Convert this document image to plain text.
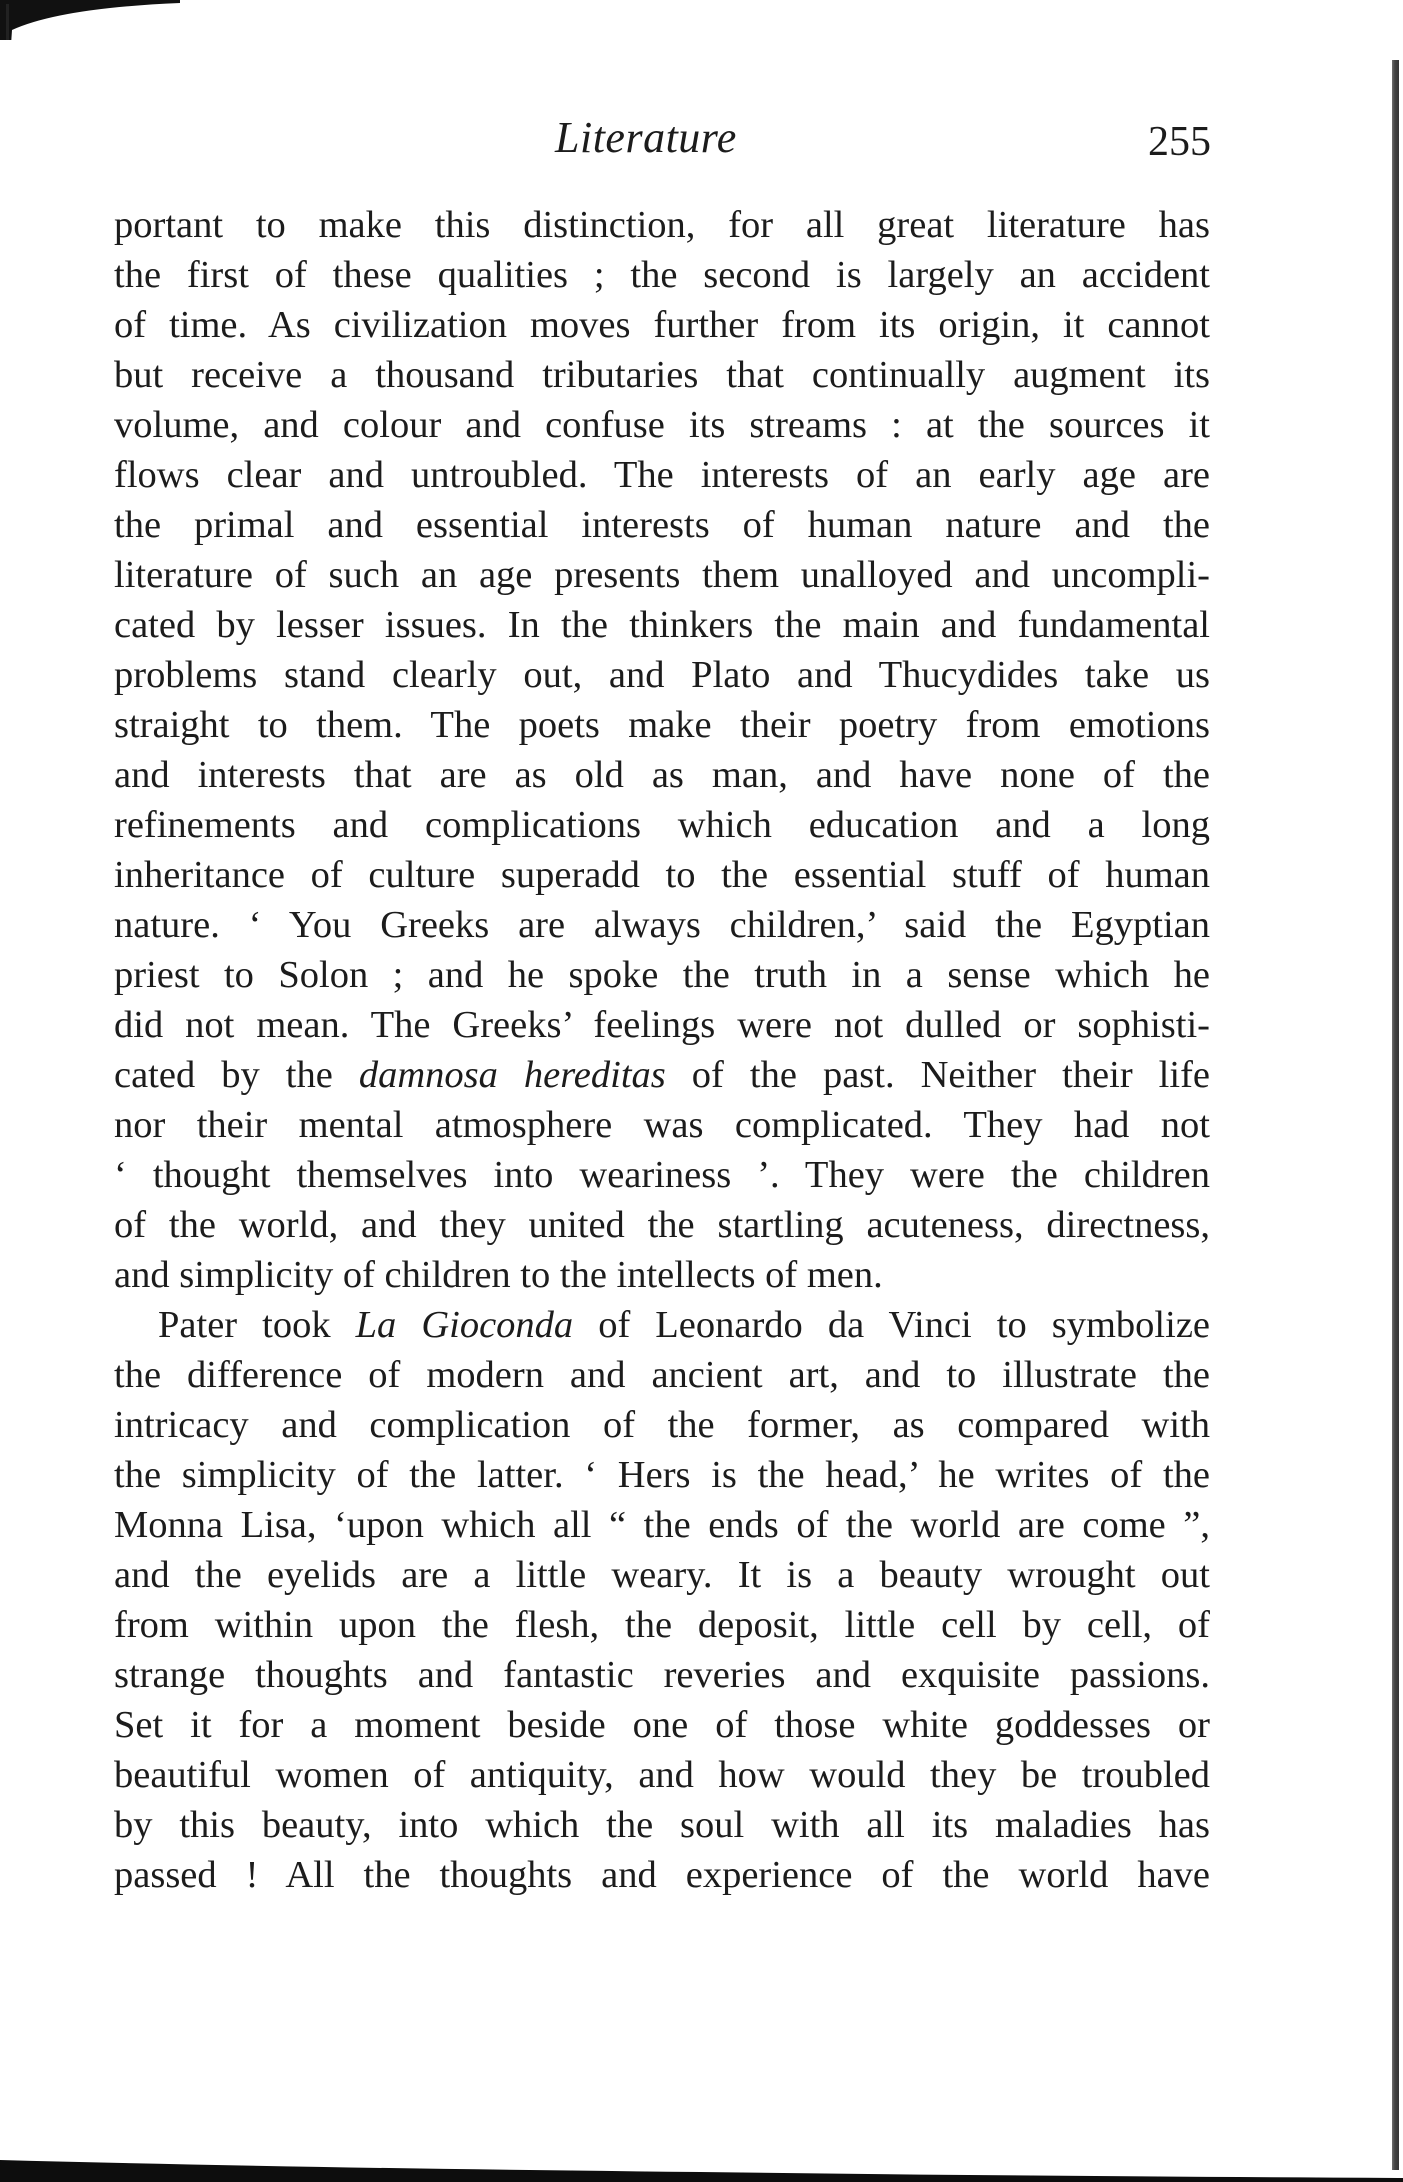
Literature	255
portant to make this distinction, for all great literature has
the first of these qualities ; the second is largely an accident
of time. As civilization moves further from its origin, it cannot
but receive a thousand tributaries that continually augment its
volume, and colour and confuse its streams : at the sources it
flows clear and untroubled. The interests of an early age are
the primal and essential interests of human nature and the
literature of such an age presents them unalloyed and uncompli-
cated by lesser issues. In the thinkers the main and fundamental
problems stand clearly out, and Plato and Thucydides take us
straight to them. The poets make their poetry from emotions
and interests that are as old as man, and have none of the
refinements and complications which education and a long
inheritance of culture superadd to the essential stuff of human
nature. ‘ You Greeks are always children,’ said the Egyptian
priest to Solon ; and he spoke the truth in a sense which he
did not mean. The Greeks’ feelings were not dulled or sophisti-
cated by the damnosa hereditas of the past. Neither their life
nor their mental atmosphere was complicated. They had not
‘ thought themselves into weariness ’. They were the children
of the world, and they united the startling acuteness, directness,
and simplicity of children to the intellects of men.
Pater took La Gioconda of Leonardo da Vinci to symbolize
the difference of modern and ancient art, and to illustrate the
intricacy and complication of the former, as compared with
the simplicity of the latter. ‘ Hers is the head,’ he writes of the
Monna Lisa, ‘upon which all “ the ends of the world are come ”,
and the eyelids are a little weary. It is a beauty wrought out
from within upon the flesh, the deposit, little cell by cell, of
strange thoughts and fantastic reveries and exquisite passions.
Set it for a moment beside one of those white goddesses or
beautiful women of antiquity, and how would they be troubled
by this beauty, into which the soul with all its maladies has
passed ! All the thoughts and experience of the world have
